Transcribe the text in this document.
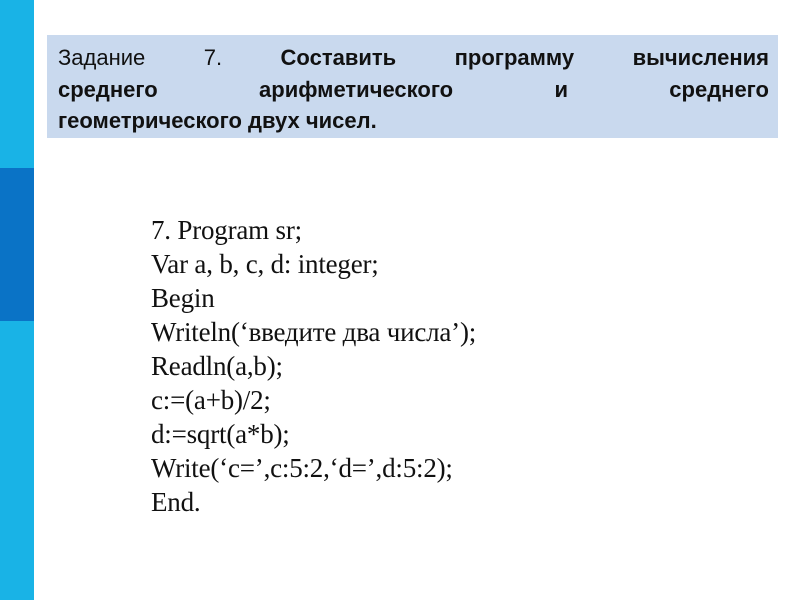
Задание 7.	Составить программу вычисления
среднего арифметического и среднего
геометрического двух чисел.
7. Program sr;
Var a, b, c, d: integer;
Begin
Writeln(‘введите два числа’);
Readln(a,b);
c:=(a+b)/2;
d:=sqrt(a*b);
Write(‘c=’,c:5:2,‘d=’,d:5:2);
End.
